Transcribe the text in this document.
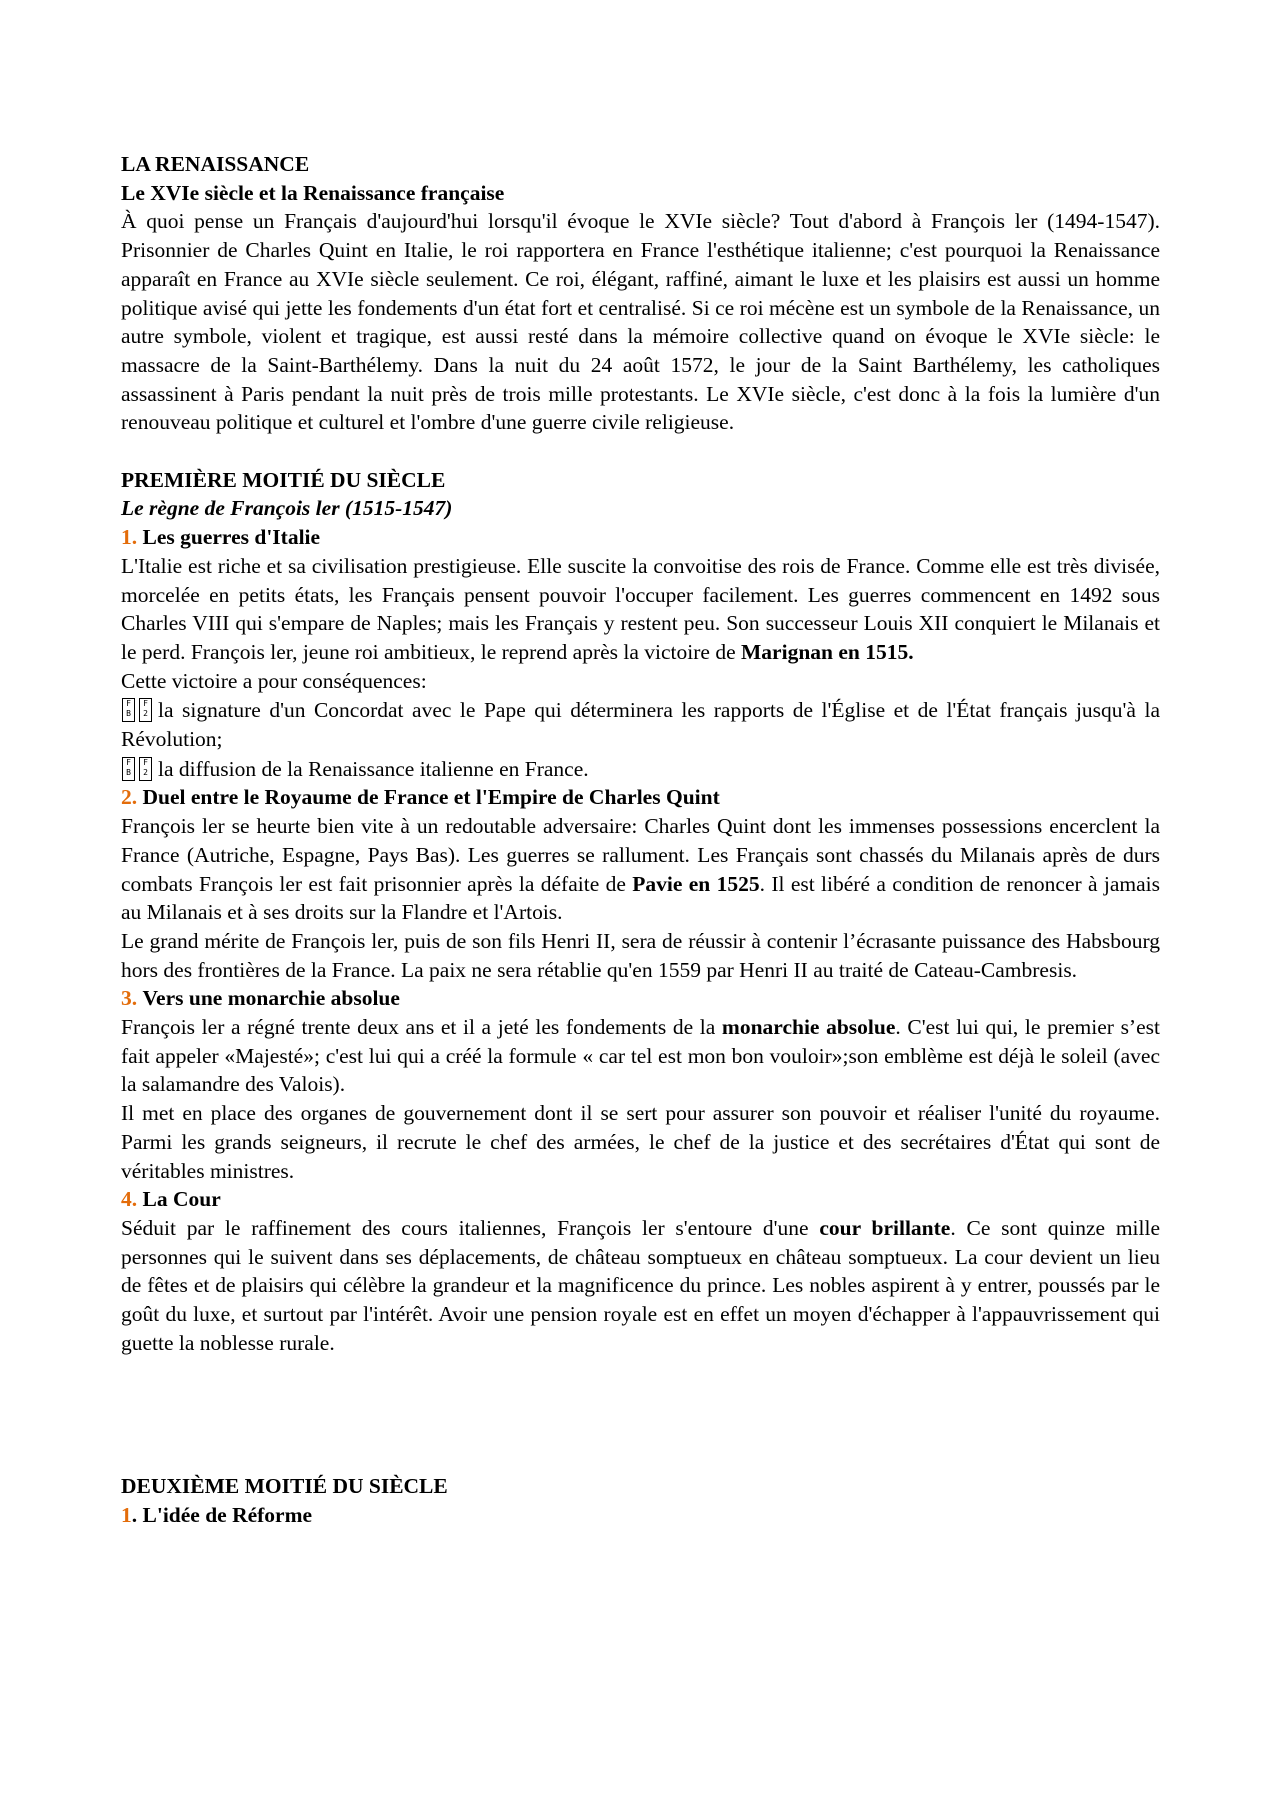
LA RENAISSANCE
Le XVIe siècle et la Renaissance française

À quoi pense un Français d'aujourd'hui lorsqu'il évoque le XVIe siècle? Tout d'abord à François ler (1494-1547). Prisonnier de Charles Quint en Italie, le roi rapportera en France l'esthétique italienne; c'est pourquoi la Renaissance apparaît en France au XVIe siècle seulement. Ce roi, élégant, raffiné, aimant le luxe et les plaisirs est aussi un homme politique avisé qui jette les fondements d'un état fort et centralisé. Si ce roi mécène est un symbole de la Renaissance, un autre symbole, violent et tragique, est aussi resté dans la mémoire collective quand on évoque le XVIe siècle: le massacre de la Saint-Barthélemy. Dans la nuit du 24 août 1572, le jour de la Saint Barthélemy, les catholiques assassinent à Paris pendant la nuit près de trois mille protestants. Le XVIe siècle, c'est donc à la fois la lumière d'un renouveau politique et culturel et l'ombre d'une guerre civile religieuse.

PREMIÈRE MOITIÉ DU SIÈCLE
Le règne de François ler (1515-1547)
1. Les guerres d'Italie

L'Italie est riche et sa civilisation prestigieuse. Elle suscite la convoitise des rois de France. Comme elle est très divisée, morcelée en petits états, les Français pensent pouvoir l'occuper facilement. Les guerres commencent en 1492 sous Charles VIII qui s'empare de Naples; mais les Français y restent peu. Son successeur Louis XII conquiert le Milanais et le perd. François ler, jeune roi ambitieux, le reprend après la victoire de Marignan en 1515.

Cette victoire a pour conséquences:
F
B
F
2 la signature d'un Concordat avec le Pape qui déterminera les rapports de l'Église et de l'État français jusqu'à la Révolution;
F
B
F
2 la diffusion de la Renaissance italienne en France.
2. Duel entre le Royaume de France et l'Empire de Charles Quint

François ler se heurte bien vite à un redoutable adversaire: Charles Quint dont les immenses possessions encerclent la France (Autriche, Espagne, Pays Bas). Les guerres se rallument. Les Français sont chassés du Milanais après de durs combats François ler est fait prisonnier après la défaite de Pavie en 1525. Il est libéré a condition de renoncer à jamais au Milanais et à ses droits sur la Flandre et l'Artois.

Le grand mérite de François ler, puis de son fils Henri II, sera de réussir à contenir l’écrasante puissance des Habsbourg hors des frontières de la France. La paix ne sera rétablie qu'en 1559 par Henri II au traité de Cateau-Cambresis.

3. Vers une monarchie absolue

François ler a régné trente deux ans et il a jeté les fondements de la monarchie absolue. C'est lui qui, le premier s’est fait appeler «Majesté»; c'est lui qui a créé la formule « car tel est mon bon vouloir»;son emblème est déjà le soleil (avec la salamandre des Valois).

Il met en place des organes de gouvernement dont il se sert pour assurer son pouvoir et réaliser l'unité du royaume. Parmi les grands seigneurs, il recrute le chef des armées, le chef de la justice et des secrétaires d'État qui sont de véritables ministres.

4. La Cour

Séduit par le raffinement des cours italiennes, François ler s'entoure d'une cour brillante. Ce sont quinze mille personnes qui le suivent dans ses déplacements, de château somptueux en château somptueux. La cour devient un lieu de fêtes et de plaisirs qui célèbre la grandeur et la magnificence du prince. Les nobles aspirent à y entrer, poussés par le goût du luxe, et surtout par l'intérêt. Avoir une pension royale est en effet un moyen d'échapper à l'appauvrissement qui guette la noblesse rurale.

DEUXIÈME MOITIÉ DU SIÈCLE
1. L'idée de Réforme
